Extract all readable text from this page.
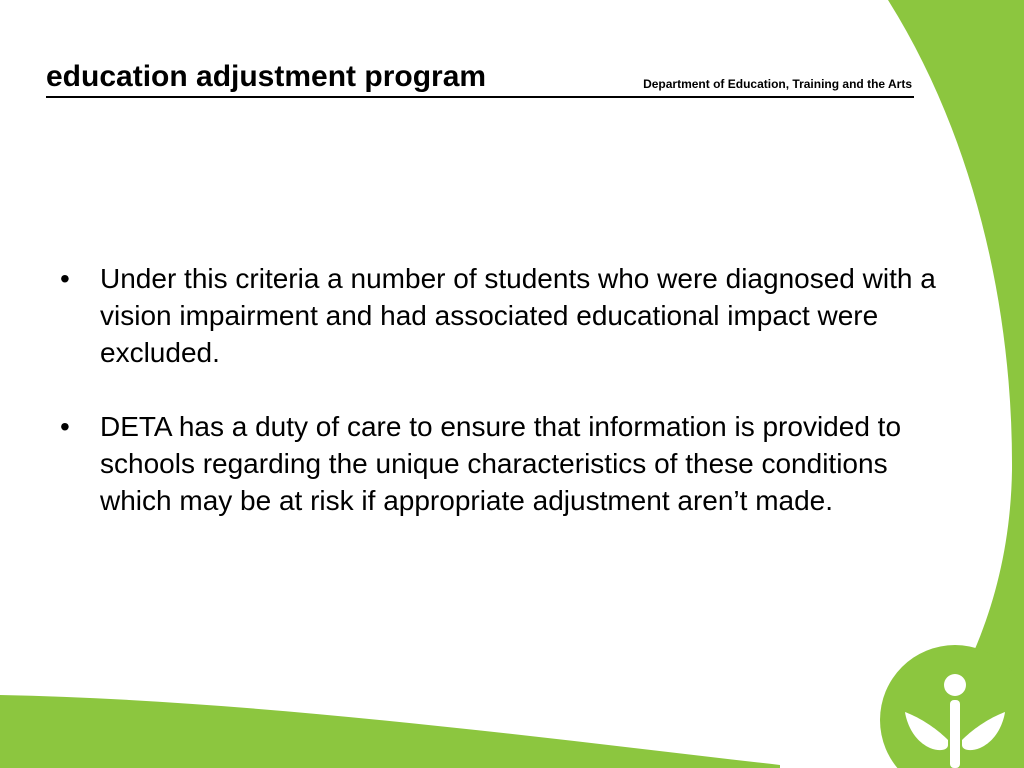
education adjustment program	Department of Education, Training and the Arts
• Under this criteria a number of students who were diagnosed with a vision impairment and had associated educational impact were excluded.
• DETA has a duty of care to ensure that information is provided to schools regarding the unique characteristics of these conditions which may be at risk if appropriate adjustment aren’t made.
